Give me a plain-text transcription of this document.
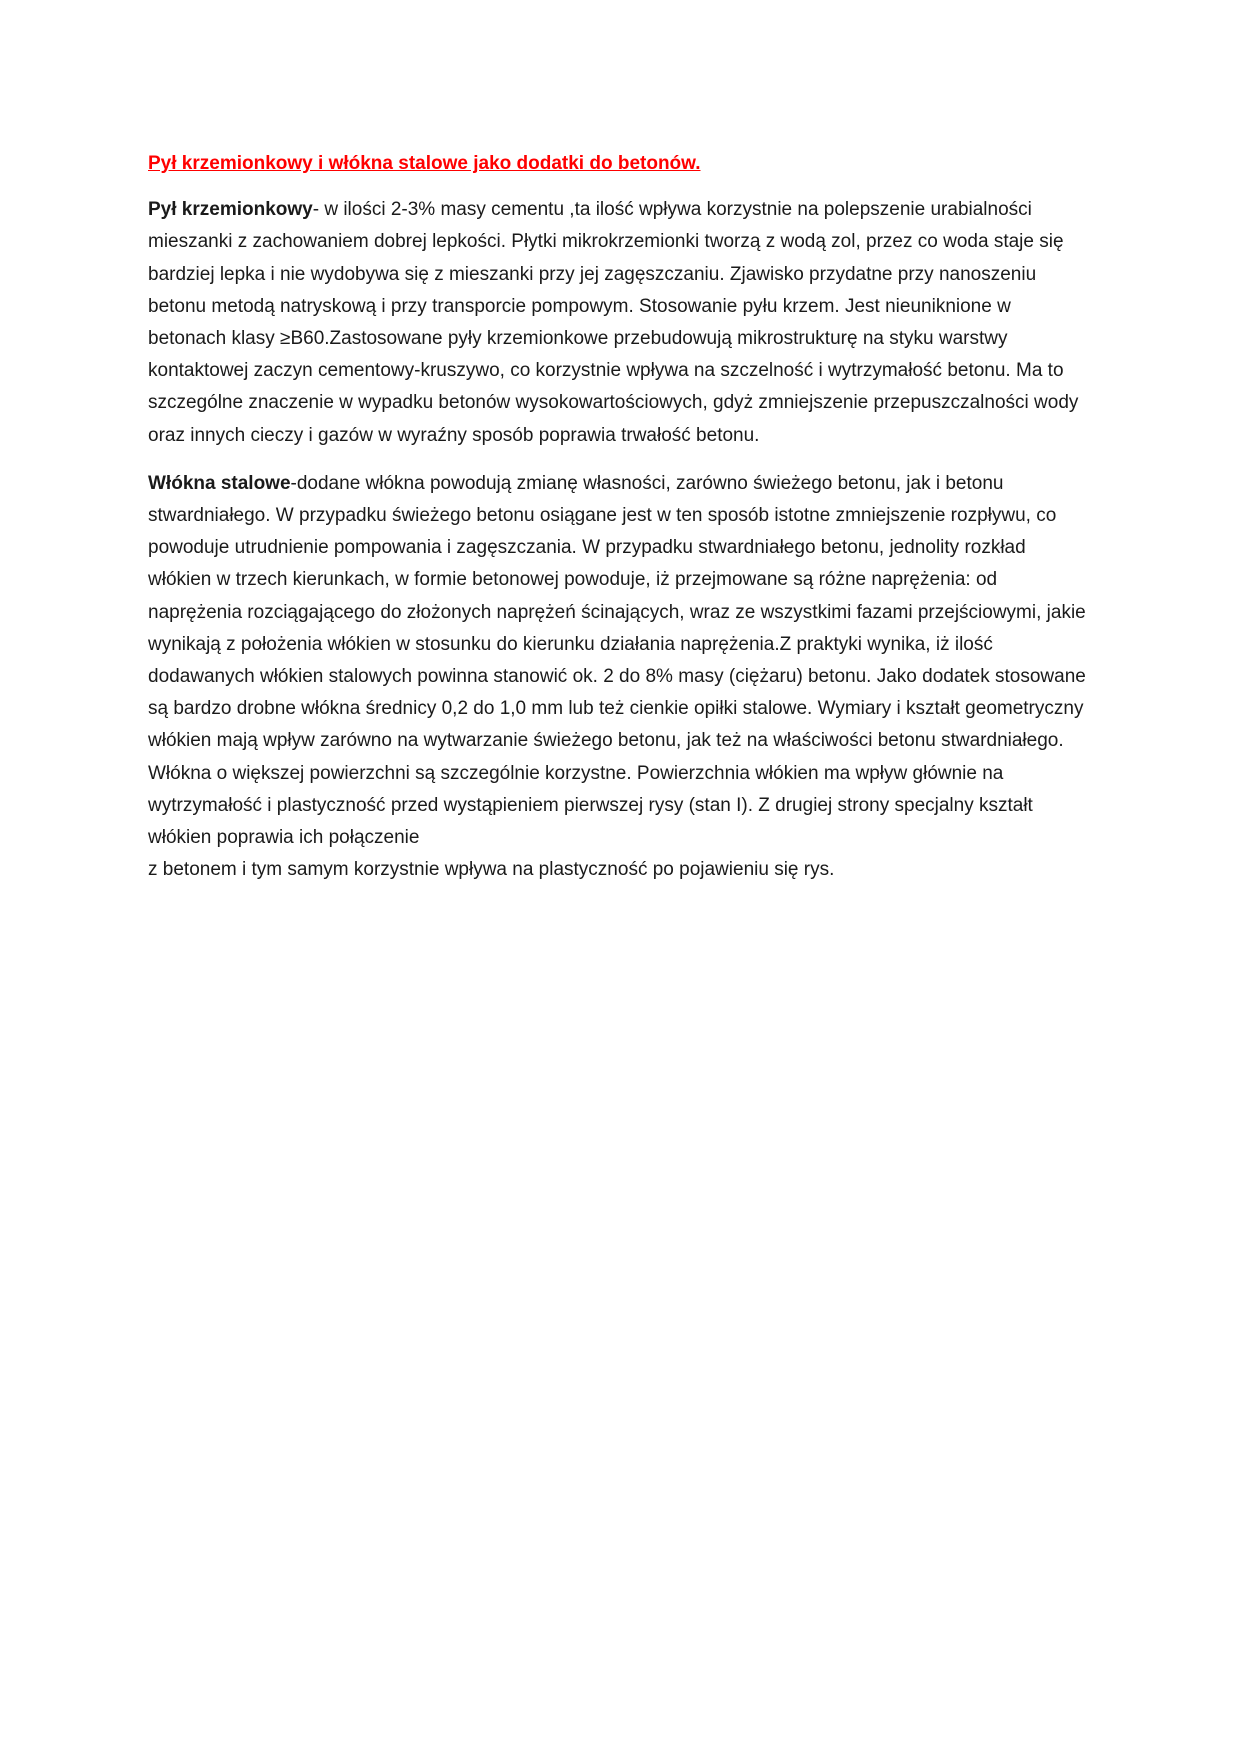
Pył krzemionkowy i włókna stalowe jako dodatki do betonów.

Pył krzemionkowy- w ilości 2-3% masy cementu ,ta ilość wpływa korzystnie na polepszenie urabialności mieszanki z zachowaniem dobrej lepkości. Płytki mikrokrzemionki tworzą z wodą zol, przez co woda staje się bardziej lepka i nie wydobywa się z mieszanki przy jej zagęszczaniu. Zjawisko przydatne przy nanoszeniu betonu metodą natryskową i przy transporcie pompowym. Stosowanie pyłu krzem. Jest nieuniknione w betonach klasy ≥B60.Zastosowane pyły krzemionkowe przebudowują mikrostrukturę na styku warstwy kontaktowej zaczyn cementowy-kruszywo, co korzystnie wpływa na szczelność i wytrzymałość betonu. Ma to szczególne znaczenie w wypadku betonów wysokowartościowych, gdyż zmniejszenie przepuszczalności wody oraz innych cieczy i gazów w wyraźny sposób poprawia trwałość betonu.

Włókna stalowe-dodane włókna powodują zmianę własności, zarówno świeżego betonu, jak i betonu stwardniałego. W przypadku świeżego betonu osiągane jest w ten sposób istotne zmniejszenie rozpływu, co powoduje utrudnienie pompowania i zagęszczania. W przypadku stwardniałego betonu, jednolity rozkład włókien w trzech kierunkach, w formie betonowej powoduje, iż przejmowane są różne naprężenia: od naprężenia rozciągającego do złożonych naprężeń ścinających, wraz ze wszystkimi fazami przejściowymi, jakie wynikają z położenia włókien w stosunku do kierunku działania naprężenia.Z praktyki wynika, iż ilość dodawanych włókien stalowych powinna stanowić ok. 2 do 8% masy (ciężaru) betonu. Jako dodatek stosowane są bardzo drobne włókna średnicy 0,2 do 1,0 mm lub też cienkie opiłki stalowe. Wymiary i kształt geometryczny włókien mają wpływ zarówno na wytwarzanie świeżego betonu, jak też na właściwości betonu stwardniałego. Włókna o większej powierzchni są szczególnie korzystne. Powierzchnia włókien ma wpływ głównie na wytrzymałość i plastyczność przed wystąpieniem pierwszej rysy (stan I). Z drugiej strony specjalny kształt włókien poprawia ich połączenie
z betonem i tym samym korzystnie wpływa na plastyczność po pojawieniu się rys.
